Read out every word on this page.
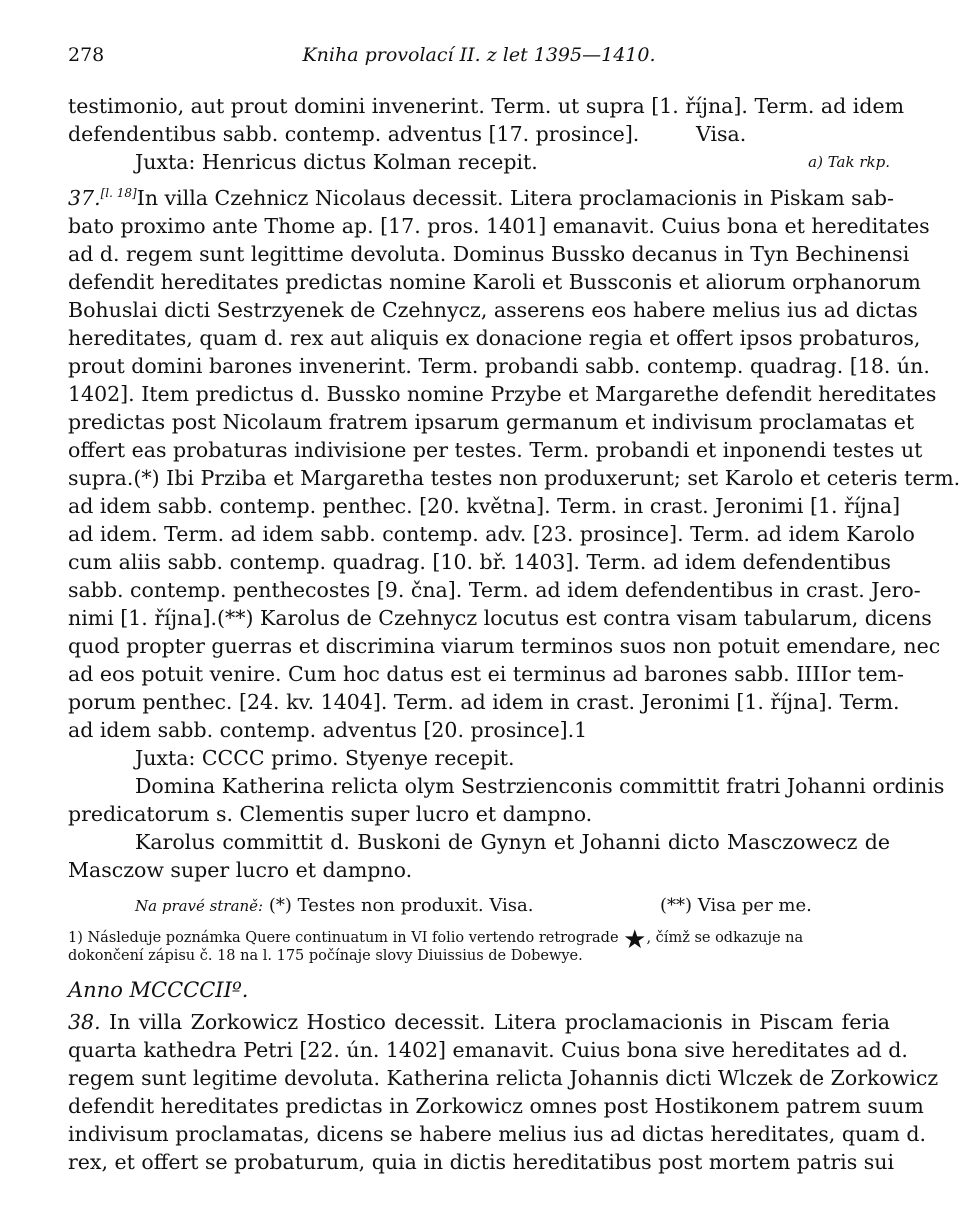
278	Kniha provolací II. z let 1395—1410.
testimonio, aut prout domini invenerint. Term. ut supra [1. října]. Term. ad idem
defendentibus sabb. contemp. adventus [17. prosince].	Visa.
Juxta: Henricus dictus Kolman recepit.	a) Tak rkp.
37.[l. 18]In villa Czehnicz Nicolaus decessit. Litera proclamacionis in Piskam sab-
bato proximo ante Thome ap. [17. pros. 1401] emanavit. Cuius bona et hereditates
ad d. regem sunt legittime devoluta. Dominus Bussko decanus in Tyn Bechinensi
defendit hereditates predictas nomine Karoli et Bussconis et aliorum orphanorum
Bohuslai dicti Sestrzyenek de Czehnycz, asserens eos habere melius ius ad dictas
hereditates, quam d. rex aut aliquis ex donacione regia et offert ipsos probaturos,
prout domini barones invenerint. Term. probandi sabb. contemp. quadrag. [18. ún.
1402]. Item predictus d. Bussko nomine Przybe et Margarethe defendit hereditates
predictas post Nicolaum fratrem ipsarum germanum et indivisum proclamatas et
offert eas probaturas indivisione per testes. Term. probandi et inponendi testes ut
supra.(*) Ibi Prziba et Margaretha testes non produxerunt; set Karolo et ceteris term.
ad idem sabb. contemp. penthec. [20. května]. Term. in crast. Jeronimi [1. října]
ad idem. Term. ad idem sabb. contemp. adv. [23. prosince]. Term. ad idem Karolo
cum aliis sabb. contemp. quadrag. [10. bř. 1403]. Term. ad idem defendentibus
sabb. contemp. penthecostes [9. čna]. Term. ad idem defendentibus in crast. Jero-
nimi [1. října].(**) Karolus de Czehnycz locutus est contra visam tabularum, dicens
quod propter guerras et discrimina viarum terminos suos non potuit emendare, nec
ad eos potuit venire. Cum hoc datus est ei terminus ad barones sabb. IIIIor tem-
porum penthec. [24. kv. 1404]. Term. ad idem in crast. Jeronimi [1. října]. Term.
ad idem sabb. contemp. adventus [20. prosince].1
Juxta: CCCC primo. Styenye recepit.
Domina Katherina relicta olym Sestrzienconis committit fratri Johanni ordinis
predicatorum s. Clementis super lucro et dampno.
Karolus committit d. Buskoni de Gynyn et Johanni dicto Masczowecz de
Masczow super lucro et dampno.
Na pravé straně: (*) Testes non produxit. Visa.	(**) Visa per me.
1) Následuje poznámka Quere continuatum in VI folio vertendo retrograde ★, čímž se odkazuje na
dokončení zápisu č. 18 na l. 175 počínaje slovy Diuissius de Dobewye.
Anno MCCCCIIº.
38. In villa Zorkowicz Hostico decessit. Litera proclamacionis in Piscam feria
quarta kathedra Petri [22. ún. 1402] emanavit. Cuius bona sive hereditates ad d.
regem sunt legitime devoluta. Katherina relicta Johannis dicti Wlczek de Zorkowicz
defendit hereditates predictas in Zorkowicz omnes post Hostikonem patrem suum
indivisum proclamatas, dicens se habere melius ius ad dictas hereditates, quam d.
rex, et offert se probaturum, quia in dictis hereditatibus post mortem patris sui
